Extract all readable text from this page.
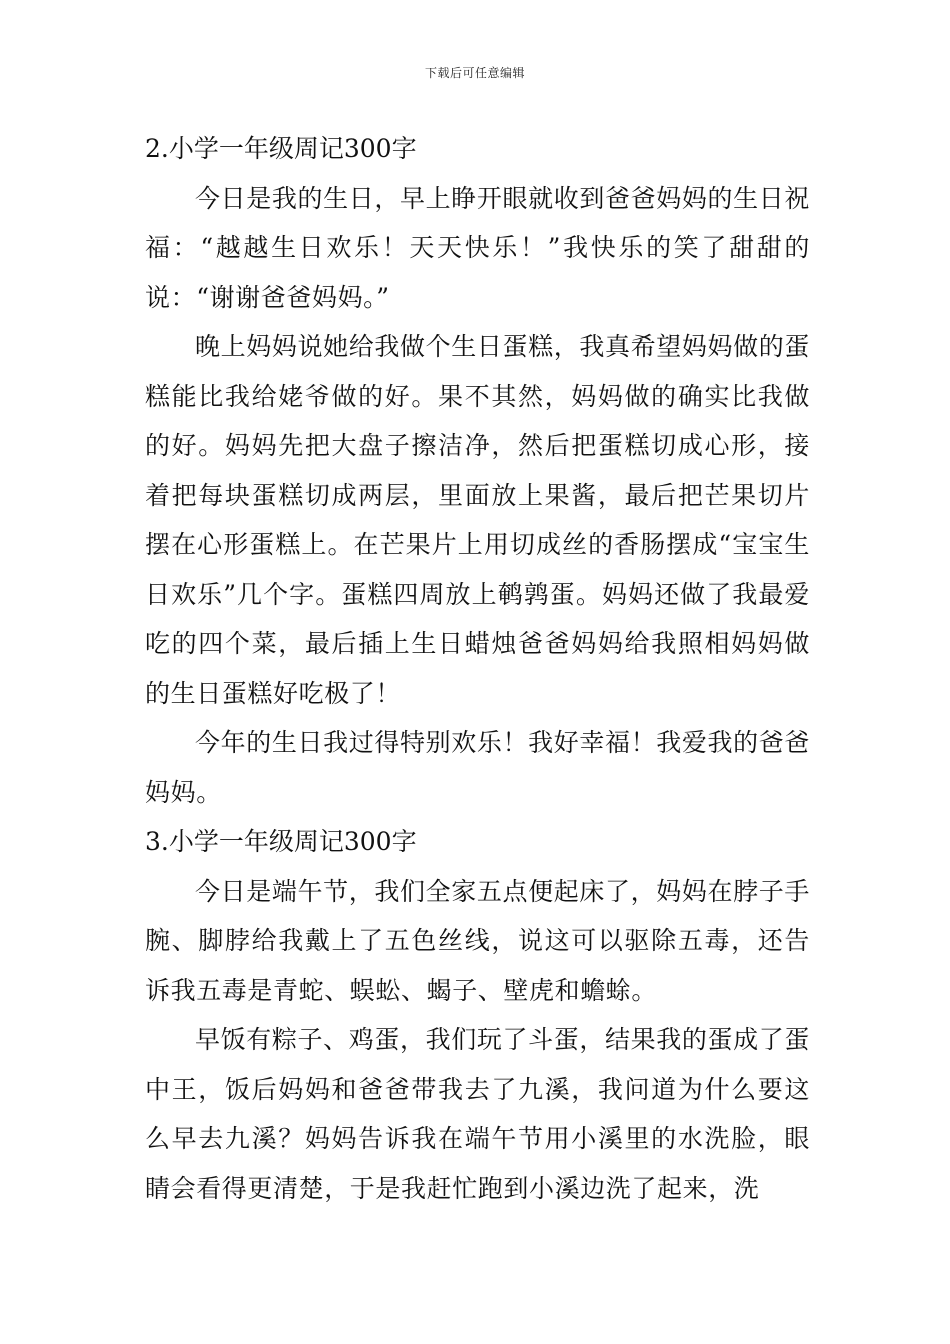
下载后可任意编辑

2.小学一年级周记300字

今日是我的生日，早上睁开眼就收到爸爸妈妈的生日祝福：“越越生日欢乐！天天快乐！”我快乐的笑了甜甜的说：“谢谢爸爸妈妈。”

晚上妈妈说她给我做个生日蛋糕，我真希望妈妈做的蛋糕能比我给姥爷做的好。果不其然，妈妈做的确实比我做的好。妈妈先把大盘子擦洁净，然后把蛋糕切成心形，接着把每块蛋糕切成两层，里面放上果酱，最后把芒果切片摆在心形蛋糕上。在芒果片上用切成丝的香肠摆成“宝宝生日欢乐”几个字。蛋糕四周放上鹌鹑蛋。妈妈还做了我最爱吃的四个菜，最后插上生日蜡烛爸爸妈妈给我照相妈妈做的生日蛋糕好吃极了！

今年的生日我过得特别欢乐！我好幸福！我爱我的爸爸妈妈。

3.小学一年级周记300字

今日是端午节，我们全家五点便起床了，妈妈在脖子手腕、脚脖给我戴上了五色丝线，说这可以驱除五毒，还告诉我五毒是青蛇、蜈蚣、蝎子、壁虎和蟾蜍。

早饭有粽子、鸡蛋，我们玩了斗蛋，结果我的蛋成了蛋中王，饭后妈妈和爸爸带我去了九溪，我问道为什么要这么早去九溪？妈妈告诉我在端午节用小溪里的水洗脸，眼睛会看得更清楚，于是我赶忙跑到小溪边洗了起来，洗
